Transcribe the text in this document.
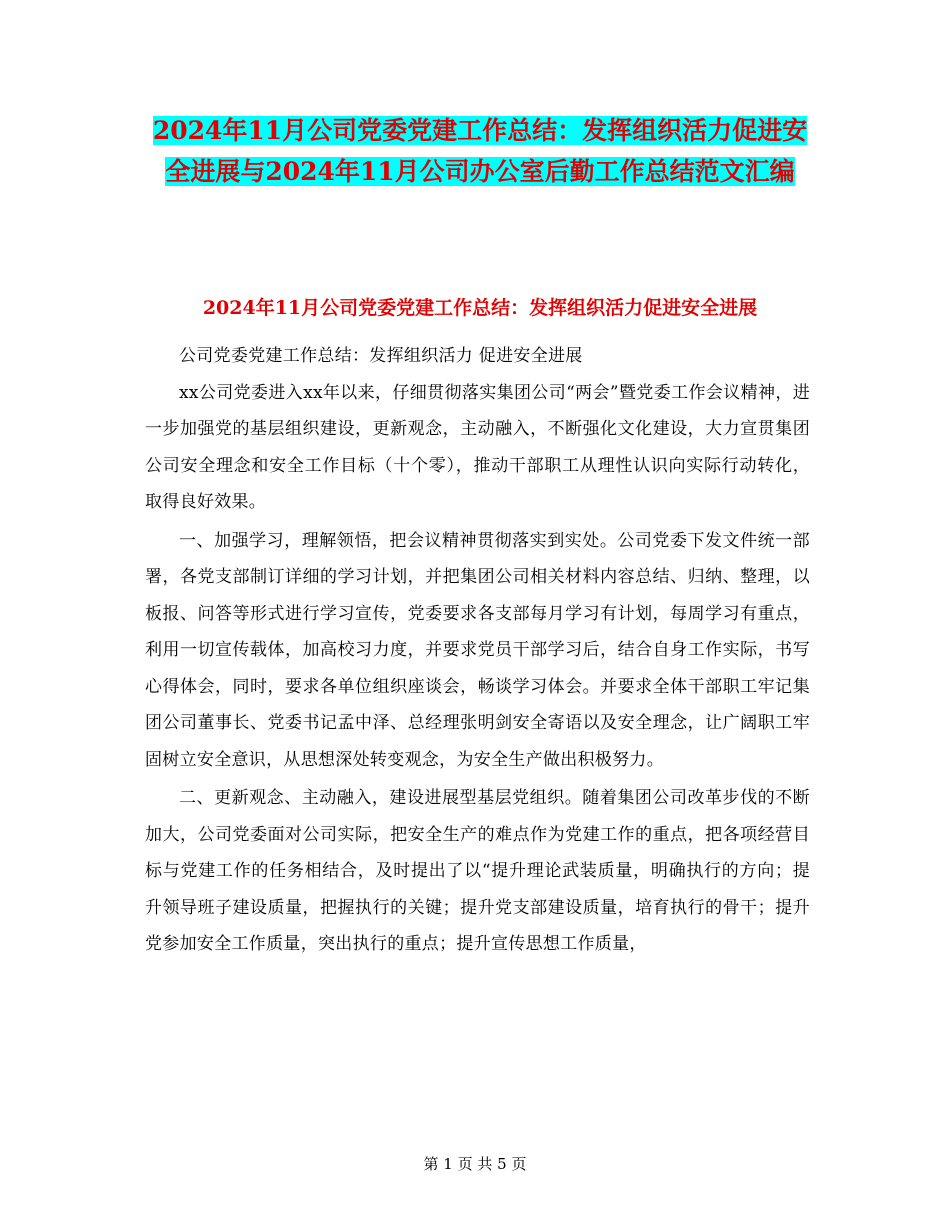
2024年11月公司党委党建工作总结：发挥组织活力促进安全进展与2024年11月公司办公室后勤工作总结范文汇编
2024年11月公司党委党建工作总结：发挥组织活力促进安全进展

公司党委党建工作总结：发挥组织活力 促进安全进展

xx公司党委进入xx年以来，仔细贯彻落实集团公司“两会”暨党委工作会议精神，进一步加强党的基层组织建设，更新观念，主动融入，不断强化文化建设，大力宣贯集团公司安全理念和安全工作目标（十个零），推动干部职工从理性认识向实际行动转化，取得良好效果。

一、加强学习，理解领悟，把会议精神贯彻落实到实处。公司党委下发文件统一部署，各党支部制订详细的学习计划，并把集团公司相关材料内容总结、归纳、整理，以板报、问答等形式进行学习宣传，党委要求各支部每月学习有计划，每周学习有重点，利用一切宣传载体，加高校习力度，并要求党员干部学习后，结合自身工作实际，书写心得体会，同时，要求各单位组织座谈会，畅谈学习体会。并要求全体干部职工牢记集团公司董事长、党委书记孟中泽、总经理张明剑安全寄语以及安全理念，让广阔职工牢固树立安全意识，从思想深处转变观念，为安全生产做出积极努力。

二、更新观念、主动融入，建设进展型基层党组织。随着集团公司改革步伐的不断加大，公司党委面对公司实际，把安全生产的难点作为党建工作的重点，把各项经营目标与党建工作的任务相结合，及时提出了以“提升理论武装质量，明确执行的方向；提升领导班子建设质量，把握执行的关键；提升党支部建设质量，培育执行的骨干；提升党参加安全工作质量，突出执行的重点；提升宣传思想工作质量，

第 1 页 共 5 页
